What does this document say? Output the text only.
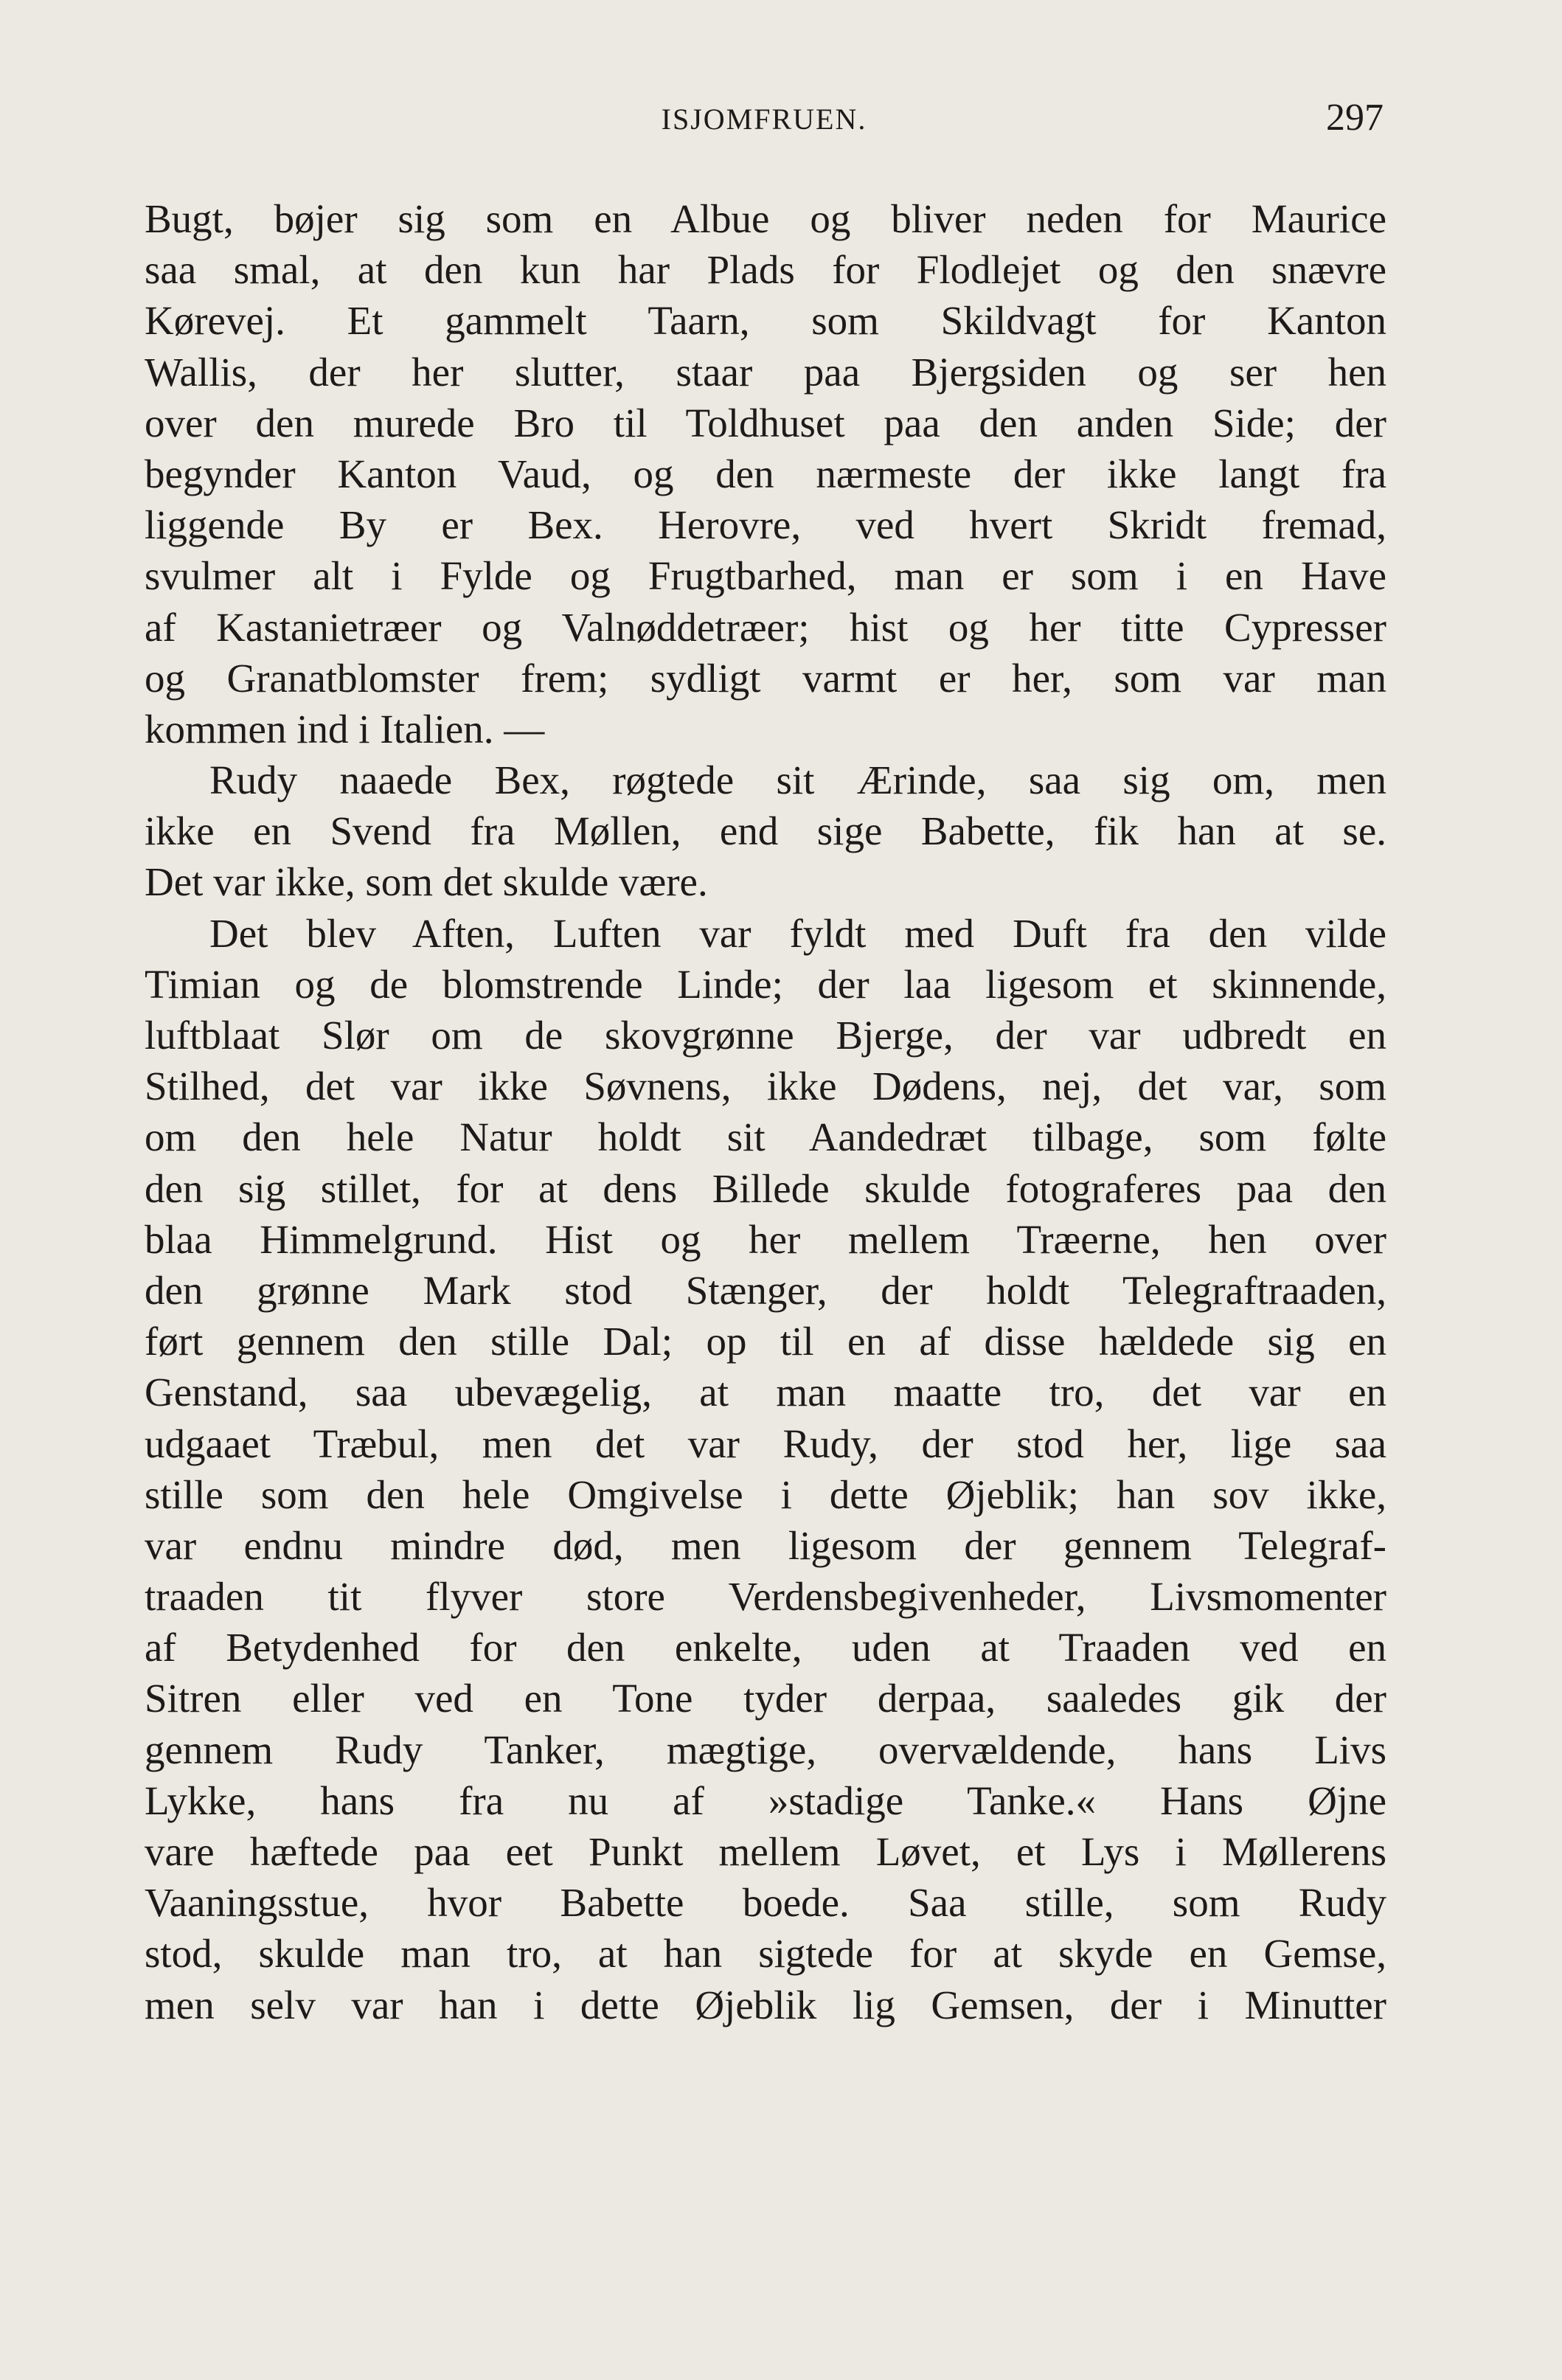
ISJOMFRUEN.	297
Bugt, bøjer sig som en Albue og bliver neden for Maurice
saa smal, at den kun har Plads for Flodlejet og den snævre
Kørevej. Et gammelt Taarn, som Skildvagt for Kanton
Wallis, der her slutter, staar paa Bjergsiden og ser hen
over den murede Bro til Toldhuset paa den anden Side; der
begynder Kanton Vaud, og den nærmeste der ikke langt fra
liggende By er Bex. Herovre, ved hvert Skridt fremad,
svulmer alt i Fylde og Frugtbarhed, man er som i en Have
af Kastanietræer og Valnøddetræer; hist og her titte Cypresser
og Granatblomster frem; sydligt varmt er her, som var man
kommen ind i Italien. —
Rudy naaede Bex, røgtede sit Ærinde, saa sig om, men
ikke en Svend fra Møllen, end sige Babette, fik han at se.
Det var ikke, som det skulde være.
Det blev Aften, Luften var fyldt med Duft fra den vilde
Timian og de blomstrende Linde; der laa ligesom et skinnende,
luftblaat Slør om de skovgrønne Bjerge, der var udbredt en
Stilhed, det var ikke Søvnens, ikke Dødens, nej, det var, som
om den hele Natur holdt sit Aandedræt tilbage, som følte
den sig stillet, for at dens Billede skulde fotograferes paa den
blaa Himmelgrund. Hist og her mellem Træerne, hen over
den grønne Mark stod Stænger, der holdt Telegraftraaden,
ført gennem den stille Dal; op til en af disse hældede sig en
Genstand, saa ubevægelig, at man maatte tro, det var en
udgaaet Træbul, men det var Rudy, der stod her, lige saa
stille som den hele Omgivelse i dette Øjeblik; han sov ikke,
var endnu mindre død, men ligesom der gennem Telegraf-
traaden tit flyver store Verdensbegivenheder, Livsmomenter
af Betydenhed for den enkelte, uden at Traaden ved en
Sitren eller ved en Tone tyder derpaa, saaledes gik der
gennem Rudy Tanker, mægtige, overvældende, hans Livs
Lykke, hans fra nu af »stadige Tanke.« Hans Øjne
vare hæftede paa eet Punkt mellem Løvet, et Lys i Møllerens
Vaaningsstue, hvor Babette boede. Saa stille, som Rudy
stod, skulde man tro, at han sigtede for at skyde en Gemse,
men selv var han i dette Øjeblik lig Gemsen, der i Minutter
